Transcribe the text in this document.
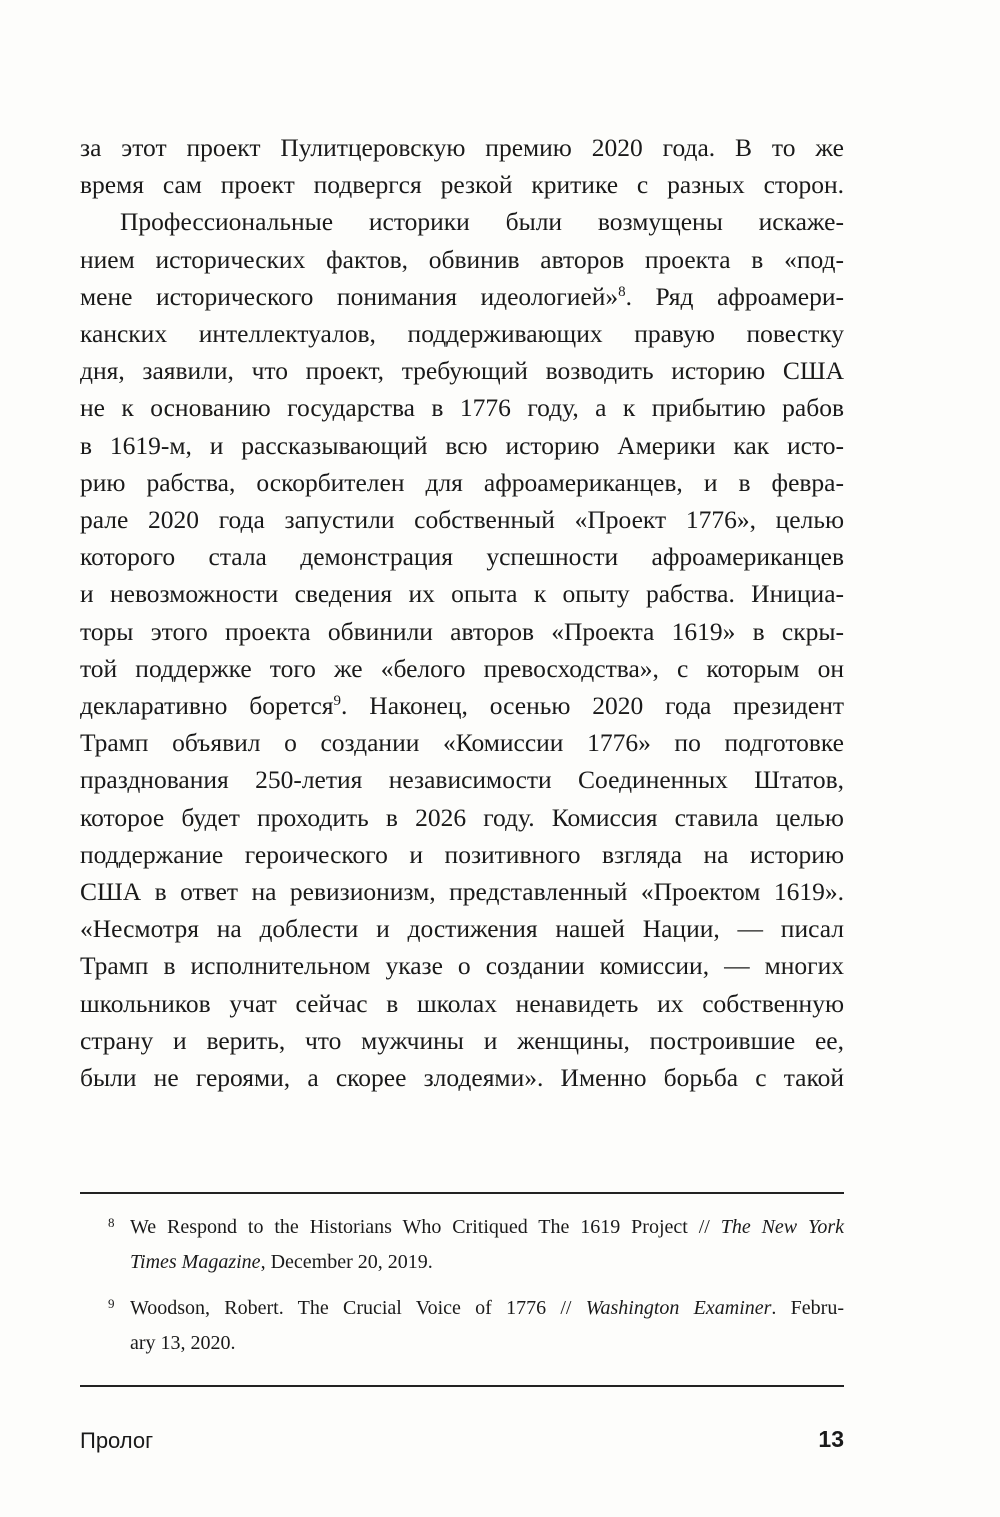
за этот проект Пулитцеровскую премию 2020 года. В то же
время сам проект подвергся резкой критике с разных сторон.
Профессиональные историки были возмущены искаже-
нием исторических фактов, обвинив авторов проекта в «под-
мене исторического понимания идеологией»$^8$. Ряд афроамери-
канских интеллектуалов, поддерживающих правую повестку
дня, заявили, что проект, требующий возводить историю США
не к основанию государства в 1776 году, а к прибытию рабов
в 1619-м, и рассказывающий всю историю Америки как исто-
рию рабства, оскорбителен для афроамериканцев, и в февра-
рале 2020 года запустили собственный «Проект 1776», целью
которого стала демонстрация успешности афроамериканцев
и невозможности сведения их опыта к опыту рабства. Инициа-
торы этого проекта обвинили авторов «Проекта 1619» в скры-
той поддержке того же «белого превосходства», с которым он
декларативно борется$^9$. Наконец, осенью 2020 года президент
Трамп объявил о создании «Комиссии 1776» по подготовке
празднования 250-летия независимости Соединенных Штатов,
которое будет проходить в 2026 году. Комиссия ставила целью
поддержание героического и позитивного взгляда на историю
США в ответ на ревизионизм, представленный «Проектом 1619».
«Несмотря на доблести и достижения нашей Нации, — писал
Трамп в исполнительном указе о создании комиссии, — многих
школьников учат сейчас в школах ненавидеть их собственную
страну и верить, что мужчины и женщины, построившие ее,
были не героями, а скорее злодеями». Именно борьба с такой
8 We Respond to the Historians Who Critiqued The 1619 Project // The New York
Times Magazine, December 20, 2019.
9 Woodson, Robert. The Crucial Voice of 1776 // Washington Examiner. Febru-
ary 13, 2020.
Пролог	13
